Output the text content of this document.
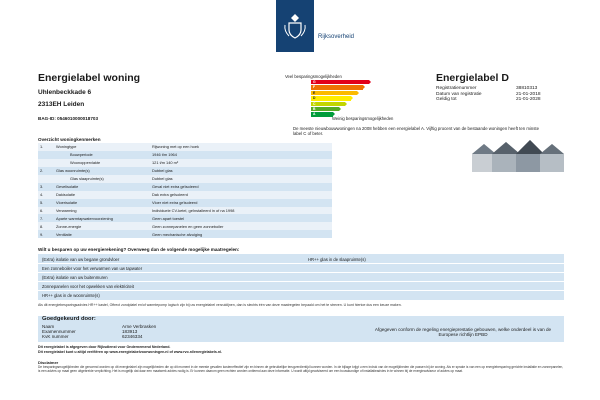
Rijksoverheid
Energielabel woning
Uhlenbeckkade 6
2313EH Leiden
BAG-ID: 0546010000018703
Veel besparingsmogelijkheden
G
F
E
D
C
B
A
Weinig besparingsmogelijkheden
Energielabel D
Registratienummer	38810313
Datum van registratie	21-01-2018
Geldig tot	21-01-2028
De meeste nieuwbouwwoningen na 2008 hebben een energielabel A. Vijftig procent van de bestaande woningen heeft ten minste label C of beter.
Overzicht woningkenmerken
1.	Woningtype	Rijwoning met op een hoek
	Bouwperiode	1946 t/m 1964
	Woonoppervlakte	121 t/m 140 m²
2.	Glas woonruimte(s)	Dubbel glas
	Glas slaapruimte(s)	Dubbel glas
3.	Gevelisolatie	Geval niet extra geïsoleerd
4.	Dakisolatie	Dak extra geïsoleerd
5.	Vloerisolatie	Vloer niet extra geïsoleerd
6.	Verwarming	Individuele CV-ketel, geïnstalleerd in of na 1998
7.	Aparte warmtapwatervoorziening	Geen apart toestel
8.	Zonne-energie	Geen zonnepanelen en geen zonneboiler
9.	Ventilatie	Geen mechanische afzuiging
Wilt u besparen op uw energierekening? Overweeg dan de volgende mogelijke maatregelen:
(Extra) isolatie van uw begane grondvloer
Een zonneboiler voor het verwarmen van uw tapwater
(Extra) isolatie van uw buitenmuren
Zonnepanelen voor het opwekken van elektriciteit
HR++ glas in de woonruimte(s)
HR++ glas in de slaapruimte(s)
Als dit energiebesparingsadvies HR++ kastel, Oftrect zondplatel en/of warmtepomp logisch zijn bij uw energielabel verzuidijnen, dan is slechts één van deze maatregelen bepaald om het te streven. U kunt hiertoe dus een keuze maken.
Goedgekeurd door:
Naam	Arne Verbrasken
Examennummer	183913
KvK nummer	62346334
Afgegeven conform de regeling energieprestatie gebouwen, welke onderdeel is van de Europese richtlijn EPBD
Dit energielabel is afgegeven door Rijksdienst voor Ondernemend Nederland.
Dit energielabel kunt u altijd verifiëren op www.energielabelvoorwoningen.nl of www.rvo.nl/energielabels.nl.
Disclaimer
De besparingsmogelijkheden die genoemd worden op dit energielabel zijn mogelijkheden die op dit moment in de meeste gevallen kosteneffectief zijn en binnen de gebruikelijke terugverdientijd kunnen worden. In de bijlage krijgt u een indruk van de mogelijkheden die passen bij de woning. Als er sprake is van een op energiebesparing gerichte installatie en zonnepanelen, is een advies op maat geen uitgebreide verplichting. Het is mogelijk dat daar een maatwerk advies nodig is. Er kunnen daarom geen rechten worden ontleend aan deze informatie. U wordt altijd geadviseerd om een bouwkundige of installatieadvies in te winnen bij de energieadviseur of advies op maat.
